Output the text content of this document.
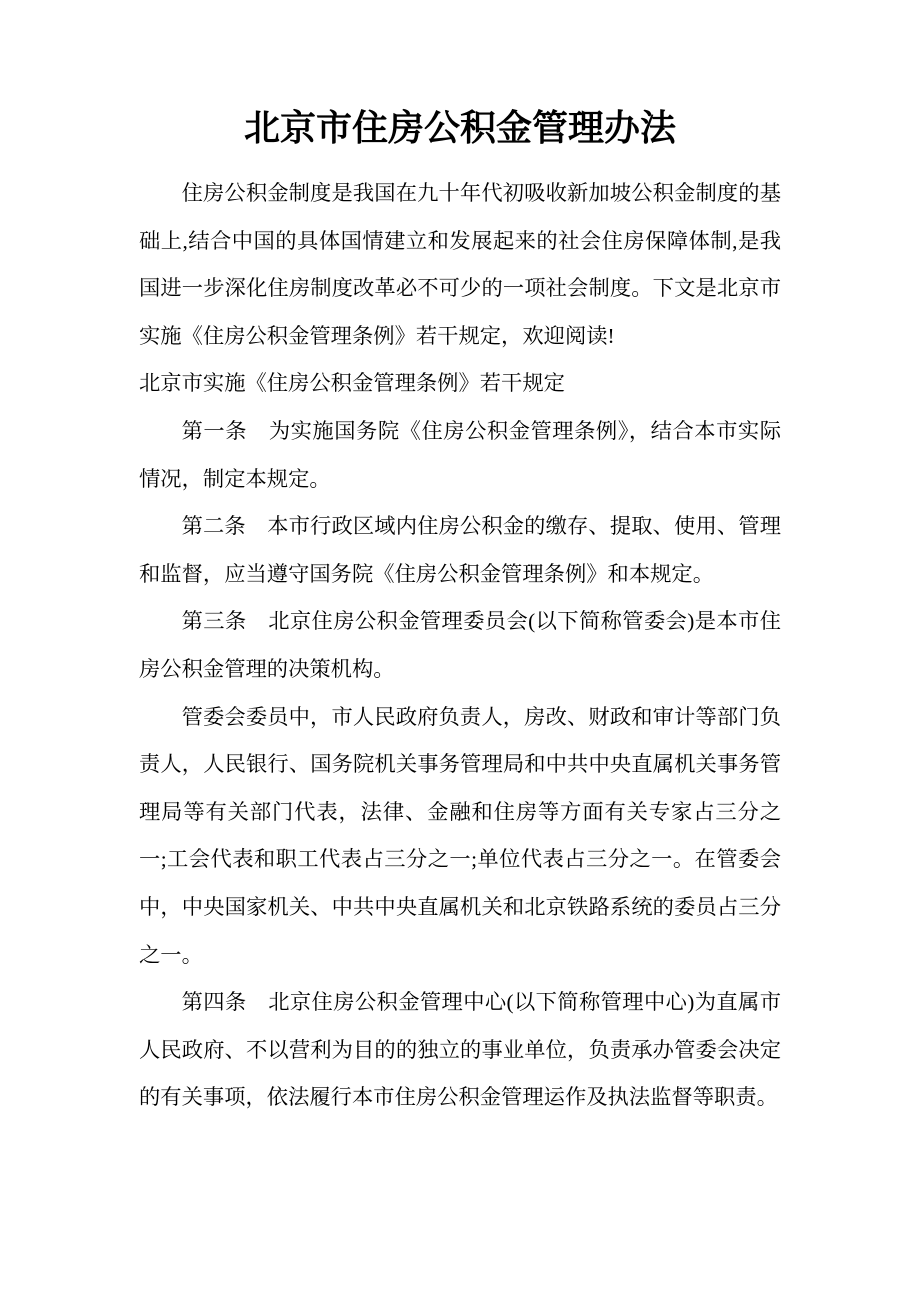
北京市住房公积金管理办法

住房公积金制度是我国在九十年代初吸收新加坡公积金制度的基础上,结合中国的具体国情建立和发展起来的社会住房保障体制,是我国进一步深化住房制度改革必不可少的一项社会制度。下文是北京市实施《住房公积金管理条例》若干规定，欢迎阅读!

北京市实施《住房公积金管理条例》若干规定

第一条　为实施国务院《住房公积金管理条例》，结合本市实际情况，制定本规定。

第二条　本市行政区域内住房公积金的缴存、提取、使用、管理和监督，应当遵守国务院《住房公积金管理条例》和本规定。

第三条　北京住房公积金管理委员会(以下简称管委会)是本市住房公积金管理的决策机构。

管委会委员中，市人民政府负责人，房改、财政和审计等部门负责人，人民银行、国务院机关事务管理局和中共中央直属机关事务管理局等有关部门代表，法律、金融和住房等方面有关专家占三分之一;工会代表和职工代表占三分之一;单位代表占三分之一。在管委会中，中央国家机关、中共中央直属机关和北京铁路系统的委员占三分之一。

第四条　北京住房公积金管理中心(以下简称管理中心)为直属市人民政府、不以营利为目的的独立的事业单位，负责承办管委会决定的有关事项，依法履行本市住房公积金管理运作及执法监督等职责。
